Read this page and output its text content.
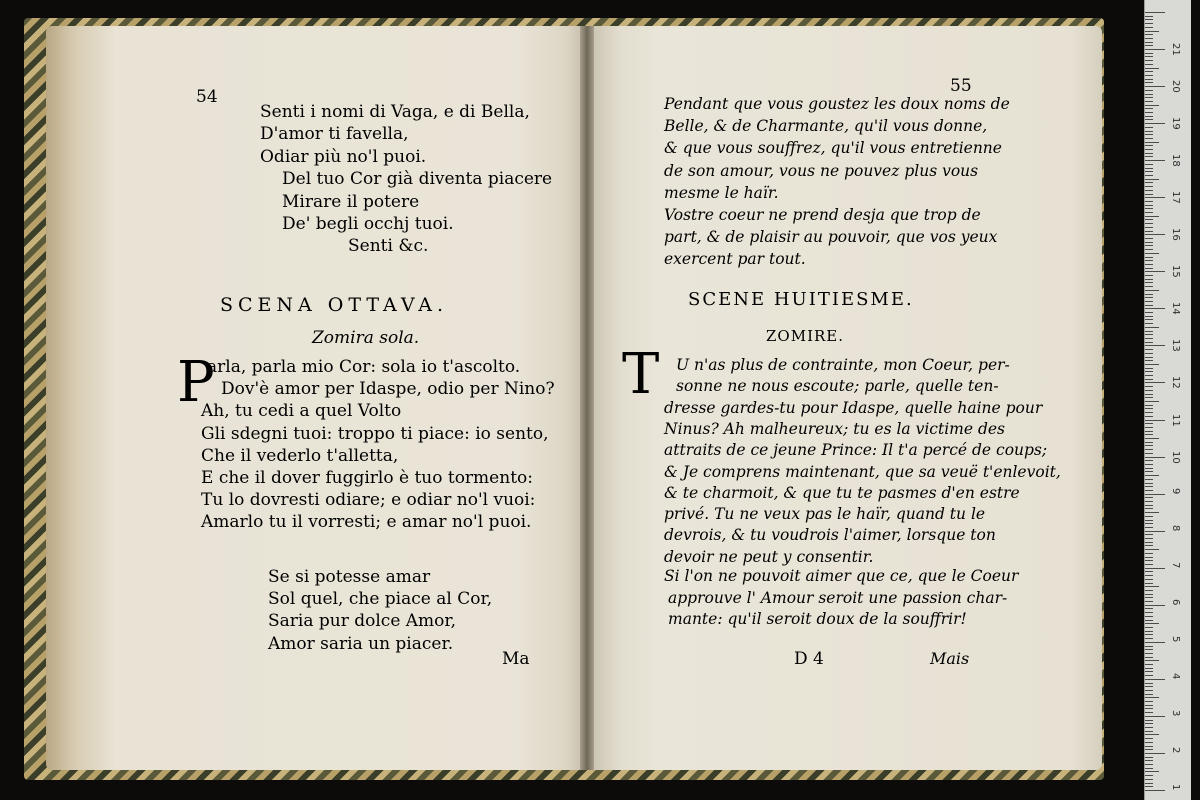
54
Senti i nomi di Vaga, e di Bella,
D'amor ti favella,
Odiar più no'l puoi.
Del tuo Cor già diventa piacere
Mirare il potere
De' begli occhj tuoi.
Senti &c.
SCENA OTTAVA.
Zomira sola.
P
arla, parla mio Cor: sola io t'ascolto.
Dov'è amor per Idaspe, odio per Nino?
Ah, tu cedi a quel Volto
Gli sdegni tuoi: troppo ti piace: io sento,
Che il vederlo t'alletta,
E che il dover fuggirlo è tuo tormento:
Tu lo dovresti odiare; e odiar no'l vuoi:
Amarlo tu il vorresti; e amar no'l puoi.
Se si potesse amar
Sol quel, che piace al Cor,
Saria pur dolce Amor,
Amor saria un piacer.
Ma
55
Pendant que vous goustez les doux noms de
Belle, & de Charmante, qu'il vous donne,
& que vous souffrez, qu'il vous entretienne
de son amour, vous ne pouvez plus vous
mesme le haïr.
Vostre coeur ne prend desja que trop de
part, & de plaisir au pouvoir, que vos yeux
exercent par tout.
SCENE HUITIESME.
ZOMIRE.
T U n'as plus de contrainte, mon Coeur, per-
sonne ne nous escoute; parle, quelle ten-
dresse gardes-tu pour Idaspe, quelle haine pour
Ninus? Ah malheureux; tu es la victime des
attraits de ce jeune Prince: Il t'a percé de coups;
& Je comprens maintenant, que sa veuë t'enlevoit,
& te charmoit, & que tu te pasmes d'en estre
privé. Tu ne veux pas le haïr, quand tu le
devrois, & tu voudrois l'aimer, lorsque ton
devoir ne peut y consentir.
Si l'on ne pouvoit aimer que ce, que le Coeur
approuve l' Amour seroit une passion char-
mante: qu'il seroit doux de la souffrir!
D 4	Mais
21
20
19
18
17
16
15
14
13
12
11
10
9
8
7
6
5
4
3
2
1
